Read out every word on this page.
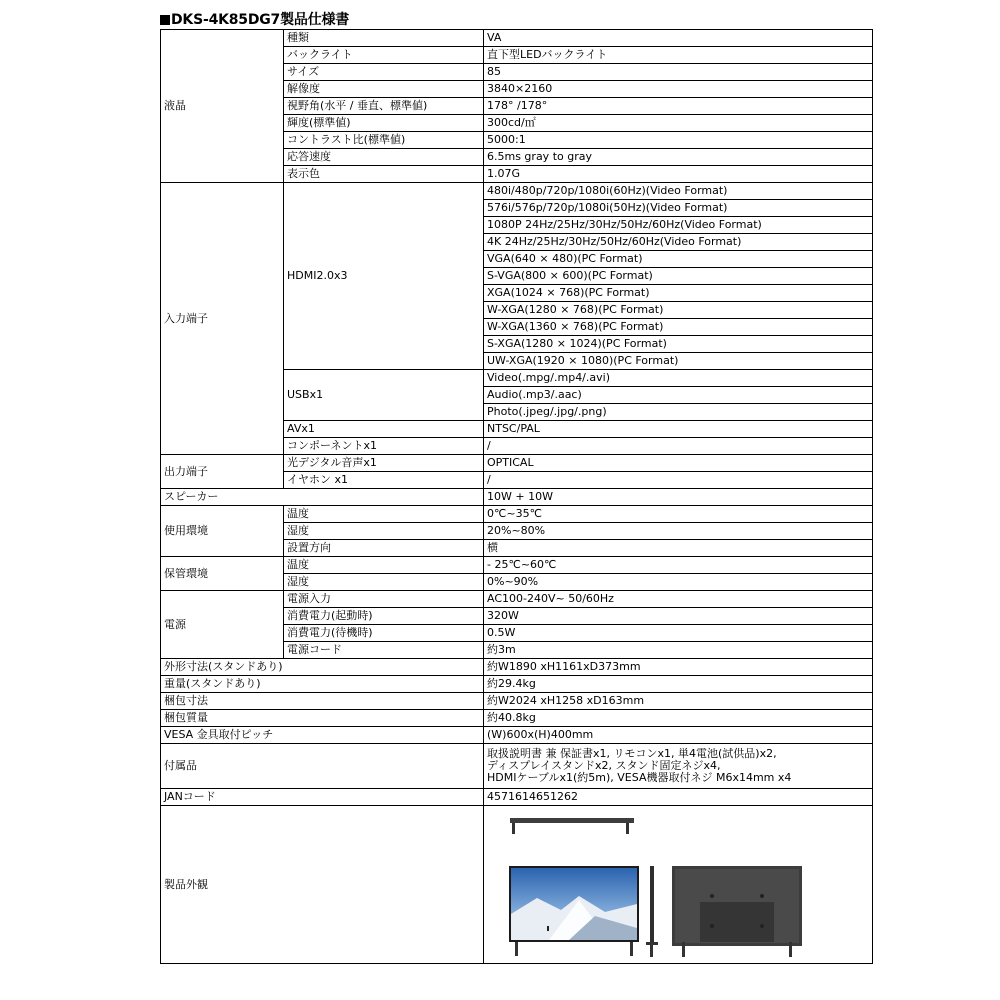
DKS-4K85DG7製品仕様書
液晶	種類	VA
	バックライト	直下型LEDバックライト
	サイズ	85
	解像度	3840×2160
	視野角(水平 / 垂直、標準値)	178° /178°
	輝度(標準値)	300cd/㎡
	コントラスト比(標準値)	5000:1
	応答速度	6.5ms gray to gray
	表示色	1.07G
入力端子	HDMI2.0x3	480i/480p/720p/1080i(60Hz)(Video Format)
		576i/576p/720p/1080i(50Hz)(Video Format)
		1080P 24Hz/25Hz/30Hz/50Hz/60Hz(Video Format)
		4K 24Hz/25Hz/30Hz/50Hz/60Hz(Video Format)
		VGA(640 × 480)(PC Format)
		S-VGA(800 × 600)(PC Format)
		XGA(1024 × 768)(PC Format)
		W-XGA(1280 × 768)(PC Format)
		W-XGA(1360 × 768)(PC Format)
		S-XGA(1280 × 1024)(PC Format)
		UW-XGA(1920 × 1080)(PC Format)
	USBx1	Video(.mpg/.mp4/.avi)
		Audio(.mp3/.aac)
		Photo(.jpeg/.jpg/.png)
	AVx1	NTSC/PAL
	コンポーネントx1	/
出力端子	光デジタル音声x1	OPTICAL
	イヤホン x1	/
スピーカー		10W + 10W
使用環境	温度	0℃~35℃
	湿度	20%~80%
	設置方向	横
保管環境	温度	- 25℃~60℃
	湿度	0%~90%
電源	電源入力	AC100-240V~ 50/60Hz
	消費電力(起動時)	320W
	消費電力(待機時)	0.5W
	電源コード	約3m
外形寸法(スタンドあり)		約W1890 xH1161xD373mm
重量(スタンドあり)		約29.4kg
梱包寸法		約W2024 xH1258 xD163mm
梱包質量		約40.8kg
VESA 金具取付ピッチ		(W)600x(H)400mm
付属品		取扱説明書 兼 保証書x1, リモコンx1, 単4電池(試供品)x2,
ディスプレイスタンドx2, スタンド固定ネジx4,
HDMIケーブルx1(約5m), VESA機器取付ネジ M6x14mm x4

JANコード		4571614651262
製品外観	
